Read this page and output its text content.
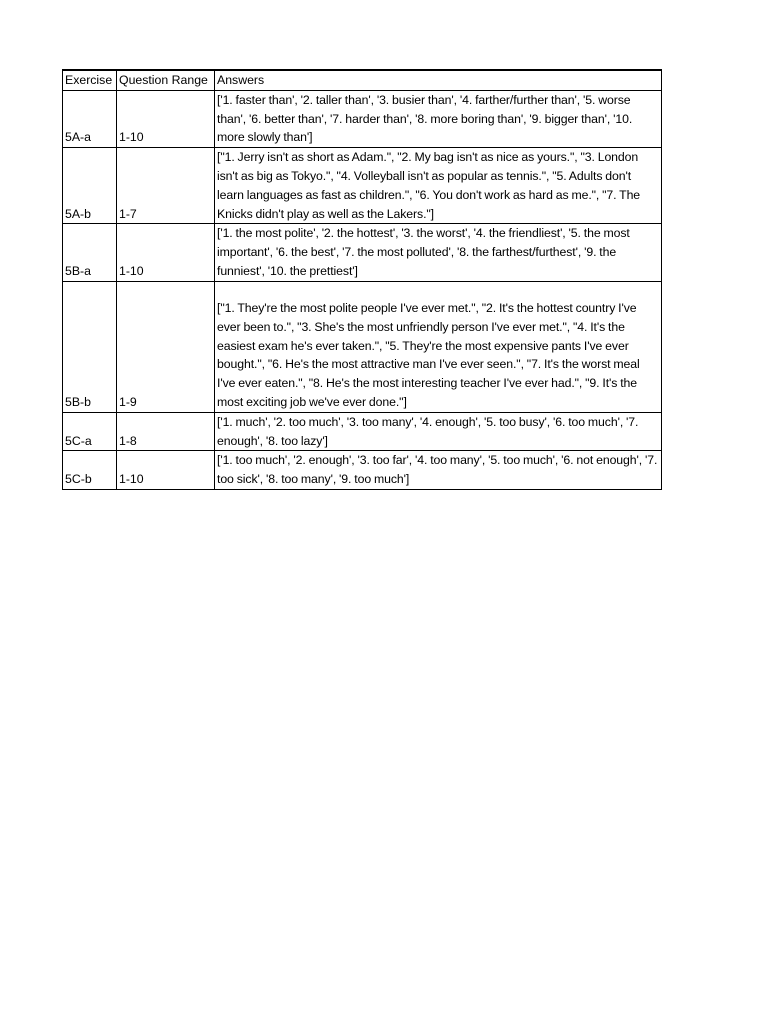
Exercise	Question Range	Answers
5A-a	1-10	['1. faster than', '2. taller than', '3. busier than', '4. farther/further than', '5. worse than', '6. better than', '7. harder than', '8. more boring than', '9. bigger than', '10. more slowly than']
5A-b	1-7	["1. Jerry isn't as short as Adam.", "2. My bag isn't as nice as yours.", "3. London isn't as big as Tokyo.", "4. Volleyball isn't as popular as tennis.", "5. Adults don't learn languages as fast as children.", "6. You don't work as hard as me.", "7. The Knicks didn't play as well as the Lakers."]
5B-a	1-10	['1. the most polite', '2. the hottest', '3. the worst', '4. the friendliest', '5. the most important', '6. the best', '7. the most polluted', '8. the farthest/furthest', '9. the funniest', '10. the prettiest']
5B-b	1-9	["1. They're the most polite people I've ever met.", "2. It's the hottest country I've ever been to.", "3. She's the most unfriendly person I've ever met.", "4. It's the easiest exam he's ever taken.", "5. They're the most expensive pants I've ever bought.", "6. He's the most attractive man I've ever seen.", "7. It's the worst meal I've ever eaten.", "8. He's the most interesting teacher I've ever had.", "9. It's the most exciting job we've ever done."]
5C-a	1-8	['1. much', '2. too much', '3. too many', '4. enough', '5. too busy', '6. too much', '7. enough', '8. too lazy']
5C-b	1-10	['1. too much', '2. enough', '3. too far', '4. too many', '5. too much', '6. not enough', '7. too sick', '8. too many', '9. too much']
